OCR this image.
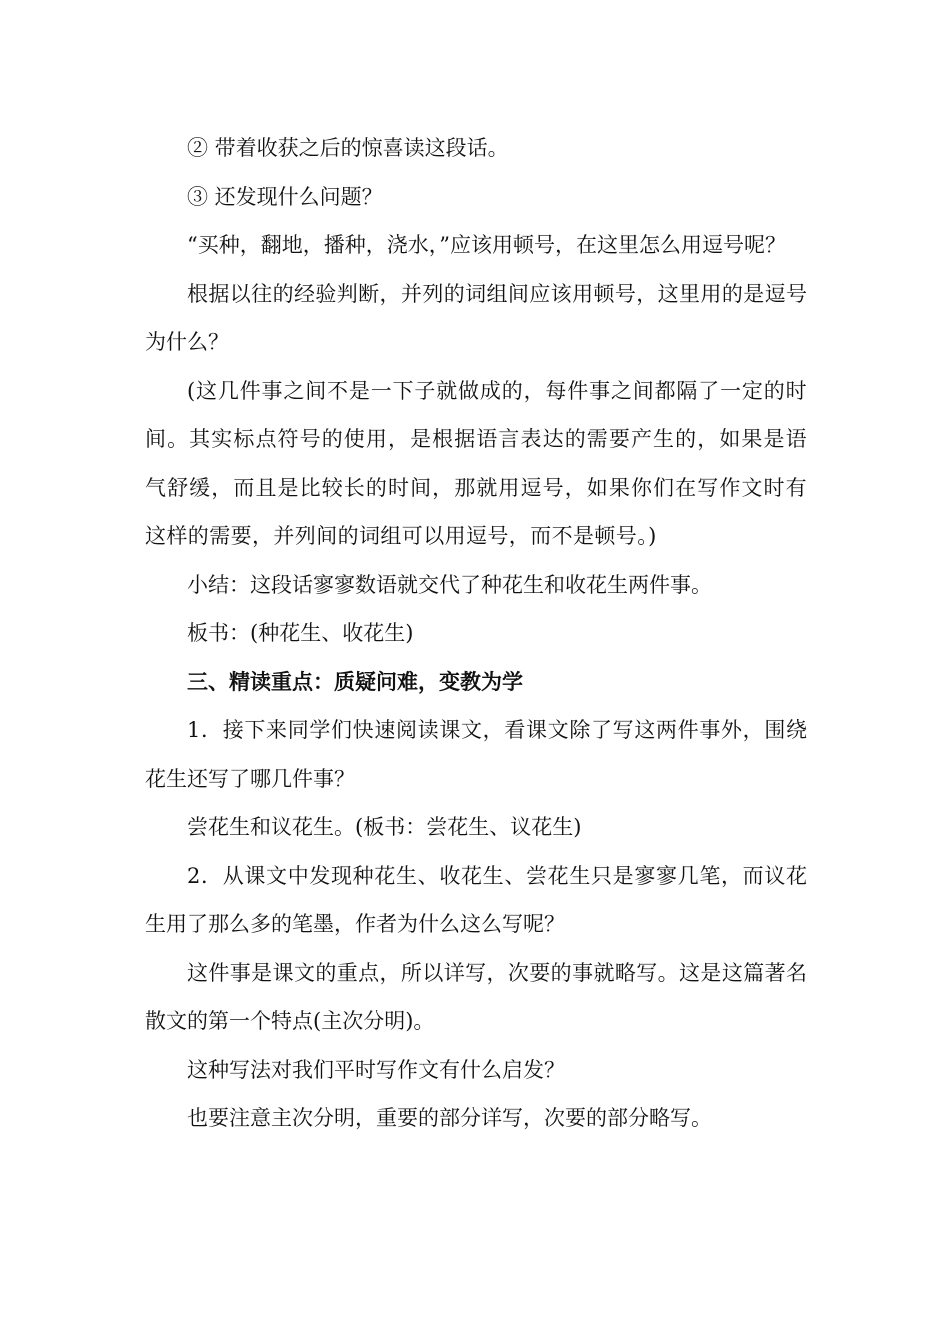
② 带着收获之后的惊喜读这段话。

③ 还发现什么问题？

“买种，翻地，播种，浇水，”应该用顿号，在这里怎么用逗号呢？

根据以往的经验判断，并列的词组间应该用顿号，这里用的是逗号为什么？

(这几件事之间不是一下子就做成的，每件事之间都隔了一定的时间。其实标点符号的使用，是根据语言表达的需要产生的，如果是语气舒缓，而且是比较长的时间，那就用逗号，如果你们在写作文时有这样的需要，并列间的词组可以用逗号，而不是顿号。)

小结：这段话寥寥数语就交代了种花生和收花生两件事。

板书：(种花生、收花生)

三、精读重点：质疑问难，变教为学

1．接下来同学们快速阅读课文，看课文除了写这两件事外，围绕花生还写了哪几件事？

尝花生和议花生。(板书：尝花生、议花生)

2．从课文中发现种花生、收花生、尝花生只是寥寥几笔，而议花生用了那么多的笔墨，作者为什么这么写呢？

这件事是课文的重点，所以详写，次要的事就略写。这是这篇著名散文的第一个特点(主次分明)。

这种写法对我们平时写作文有什么启发？

也要注意主次分明，重要的部分详写，次要的部分略写。
